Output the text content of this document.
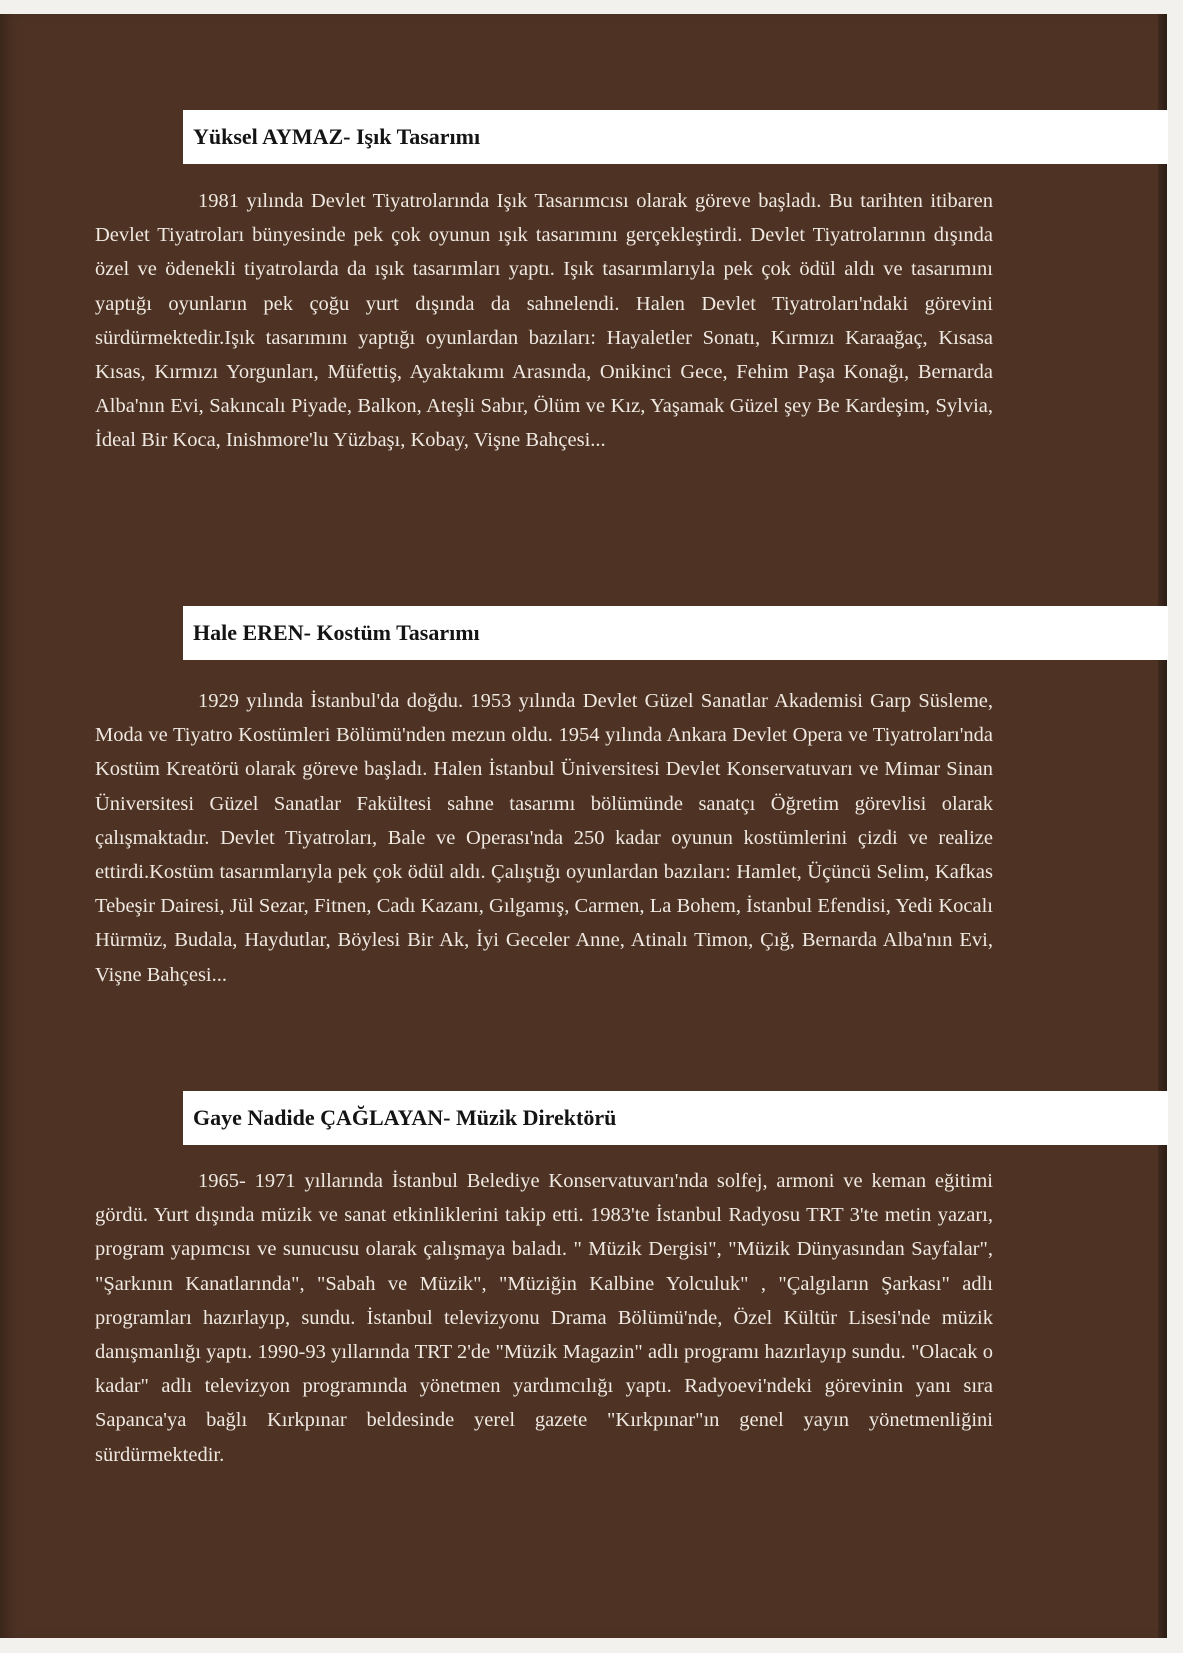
Yüksel AYMAZ- Işık Tasarımı

1981 yılında Devlet Tiyatrolarında Işık Tasarımcısı olarak göreve başladı. Bu tarihten itibaren Devlet Tiyatroları bünyesinde pek çok oyunun ışık tasarımını gerçekleştirdi. Devlet Tiyatrolarının dışında özel ve ödenekli tiyatrolarda da ışık tasarımları yaptı. Işık tasarımlarıyla pek çok ödül aldı ve tasarımını yaptığı oyunların pek çoğu yurt dışında da sahnelendi. Halen Devlet Tiyatroları'ndaki görevini sürdürmektedir.Işık tasarımını yaptığı oyunlardan bazıları: Hayaletler Sonatı, Kırmızı Karaağaç, Kısasa Kısas, Kırmızı Yorgunları, Müfettiş, Ayaktakımı Arasında, Onikinci Gece, Fehim Paşa Konağı, Bernarda Alba'nın Evi, Sakıncalı Piyade, Balkon, Ateşli Sabır, Ölüm ve Kız, Yaşamak Güzel şey Be Kardeşim, Sylvia, İdeal Bir Koca, Inishmore'lu Yüzbaşı, Kobay, Vişne Bahçesi...

Hale EREN- Kostüm Tasarımı

1929 yılında İstanbul'da doğdu. 1953 yılında Devlet Güzel Sanatlar Akademisi Garp Süsleme, Moda ve Tiyatro Kostümleri Bölümü'nden mezun oldu. 1954 yılında Ankara Devlet Opera ve Tiyatroları'nda Kostüm Kreatörü olarak göreve başladı. Halen İstanbul Üniversitesi Devlet Konservatuvarı ve Mimar Sinan Üniversitesi Güzel Sanatlar Fakültesi sahne tasarımı bölümünde sanatçı Öğretim görevlisi olarak çalışmaktadır. Devlet Tiyatroları, Bale ve Operası'nda 250 kadar oyunun kostümlerini çizdi ve realize ettirdi.Kostüm tasarımlarıyla pek çok ödül aldı. Çalıştığı oyunlardan bazıları: Hamlet, Üçüncü Selim, Kafkas Tebeşir Dairesi, Jül Sezar, Fitnen, Cadı Kazanı, Gılgamış, Carmen, La Bohem, İstanbul Efendisi, Yedi Kocalı Hürmüz, Budala, Haydutlar, Böylesi Bir Ak, İyi Geceler Anne, Atinalı Timon, Çığ, Bernarda Alba'nın Evi, Vişne Bahçesi...

Gaye Nadide ÇAĞLAYAN- Müzik Direktörü

1965- 1971 yıllarında İstanbul Belediye Konservatuvarı'nda solfej, armoni ve keman eğitimi gördü. Yurt dışında müzik ve sanat etkinliklerini takip etti. 1983'te İstanbul Radyosu TRT 3'te metin yazarı, program yapımcısı ve sunucusu olarak çalışmaya baladı. " Müzik Dergisi", "Müzik Dünyasından Sayfalar", "Şarkının Kanatlarında", "Sabah ve Müzik", "Müziğin Kalbine Yolculuk" , "Çalgıların Şarkası" adlı programları hazırlayıp, sundu. İstanbul televizyonu Drama Bölümü'nde, Özel Kültür Lisesi'nde müzik danışmanlığı yaptı. 1990-93 yıllarında TRT 2'de "Müzik Magazin" adlı programı hazırlayıp sundu. "Olacak o kadar" adlı televizyon programında yönetmen yardımcılığı yaptı. Radyoevi'ndeki görevinin yanı sıra Sapanca'ya bağlı Kırkpınar beldesinde yerel gazete "Kırkpınar"ın genel yayın yönetmenliğini sürdürmektedir.
